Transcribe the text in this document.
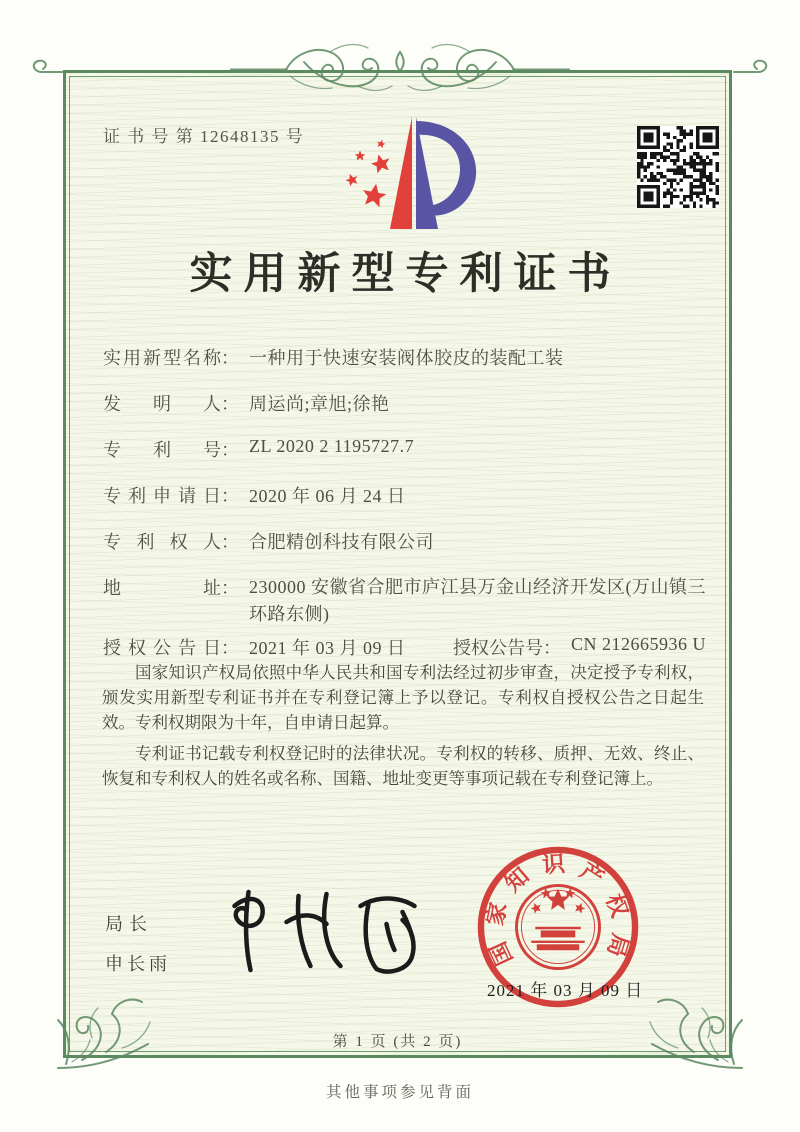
证 书 号 第 12648135 号
实用新型专利证书
实用新型名称 ： 一种用于快速安装阀体胶皮的装配工装
发明人 ： 周运尚;章旭;徐艳
专利号 ： ZL 2020 2 1195727.7
专利申请日 ： 2020 年 06 月 24 日
专利权人 ： 合肥精创科技有限公司
地址 ： 230000 安徽省合肥市庐江县万金山经济开发区(万山镇三环路东侧)
授权公告日 ： 2021 年 03 月 09 日	授权公告号 ： CN 212665936 U

国家知识产权局依照中华人民共和国专利法经过初步审查，决定授予专利权，颁发实用新型专利证书并在专利登记簿上予以登记。专利权自授权公告之日起生效。专利权期限为十年，自申请日起算。

专利证书记载专利权登记时的法律状况。专利权的转移、质押、无效、终止、恢复和专利权人的姓名或名称、国籍、地址变更等事项记载在专利登记簿上。

局长
申长雨	国
家
知 识 产
权
局
2021 年 03 月 09 日
第 1 页 (共 2 页)
其他事项参见背面
